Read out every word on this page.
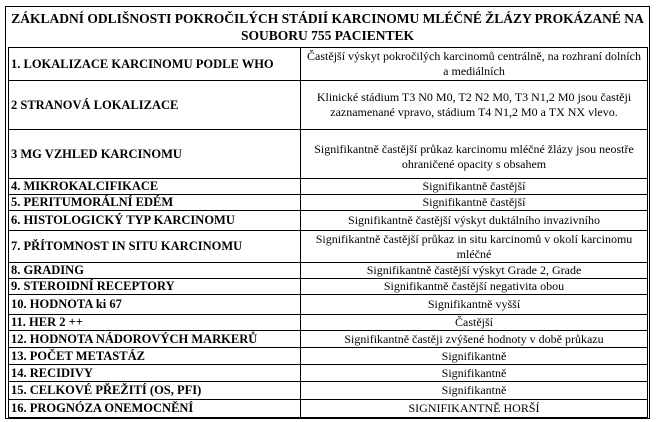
ZÁKLADNÍ ODLIŠNOSTI POKROČILÝCH STÁDIÍ KARCINOMU MLÉČNÉ ŽLÁZY PROKÁZANÉ NA SOUBORU 755 PACIENTEK
1. LOKALIZACE KARCINOMU PODLE WHO	Častější výskyt pokročilých karcinomů centrálně, na rozhraní dolních a mediálních
2 STRANOVÁ LOKALIZACE	Klinické stádium T3 N0 M0, T2 N2 M0, T3 N1,2 M0 jsou častěji zaznamenané vpravo, stádium T4 N1,2 M0 a TX NX vlevo.
3 MG VZHLED KARCINOMU	Signifikantně častější průkaz karcinomu mléčné žlázy jsou neostře ohraničené opacity s obsahem

4. MIKROKALCIFIKACE	Signifikantně častější
5. PERITUMORÁLNÍ EDÉM	Signifikantně častější
6. HISTOLOGICKÝ TYP KARCINOMU	Signifikantně častější výskyt duktálního invazivního
7. PŘÍTOMNOST IN SITU KARCINOMU	Signifikantně častější průkaz in situ karcinomů v okolí karcinomu mléčné
8. GRADING	Signifikantně častější výskyt Grade 2, Grade
9. STEROIDNÍ RECEPTORY	Signifikantně častější negativita obou
10. HODNOTA ki 67	Signifikantně vyšší
11. HER 2 ++	Častější
12. HODNOTA NÁDOROVÝCH MARKERŮ	Signifikantně častěji zvýšené hodnoty v době průkazu
13. POČET METASTÁZ	Signifikantně
14. RECIDIVY	Signifikantně
15. CELKOVÉ PŘEŽITÍ (OS, PFI)	Signifikantně
16. PROGNÓZA ONEMOCNĚNÍ	SIGNIFIKANTNĚ HORŠÍ
